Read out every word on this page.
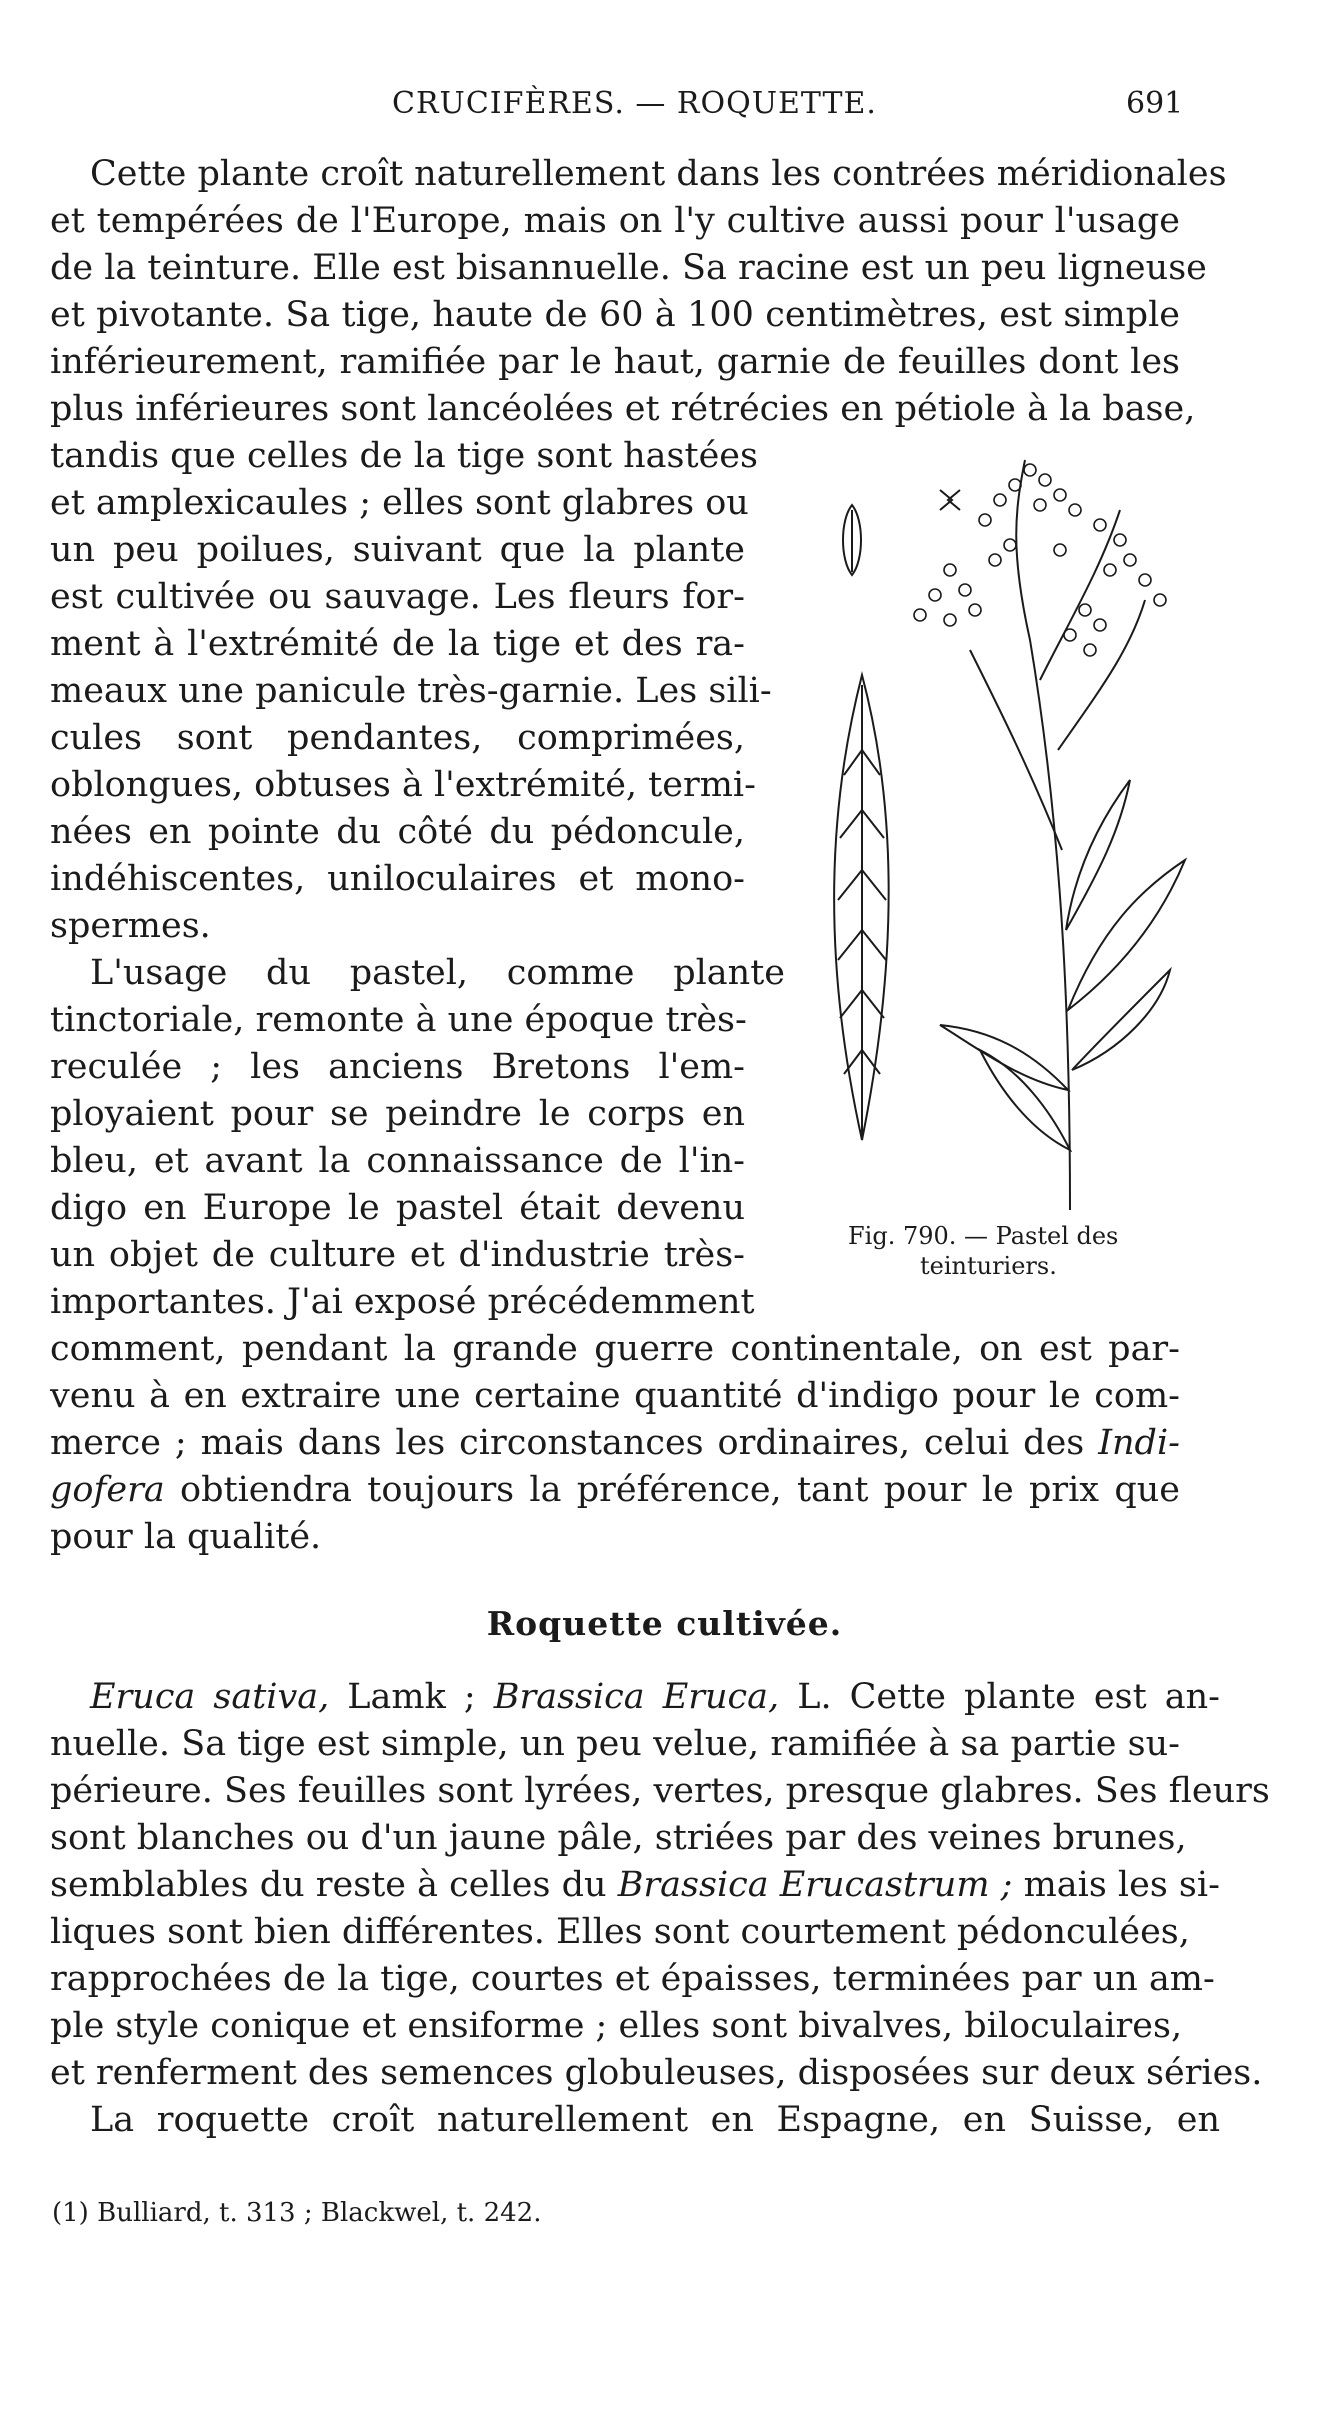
CRUCIFÈRES. — ROQUETTE.	691
Cette plante croît naturellement dans les contrées méridionales
et tempérées de l'Europe, mais on l'y cultive aussi pour l'usage
de la teinture. Elle est bisannuelle. Sa racine est un peu ligneuse
et pivotante. Sa tige, haute de 60 à 100 centimètres, est simple
inférieurement, ramifiée par le haut, garnie de feuilles dont les
plus inférieures sont lancéolées et rétrécies en pétiole à la base,
tandis que celles de la tige sont hastées
et amplexicaules ; elles sont glabres ou
un peu poilues, suivant que la plante
est cultivée ou sauvage. Les fleurs for-
ment à l'extrémité de la tige et des ra-
meaux une panicule très-garnie. Les sili-
cules sont pendantes, comprimées,
oblongues, obtuses à l'extrémité, termi-
nées en pointe du côté du pédoncule,
indéhiscentes, uniloculaires et mono-
spermes.
L'usage du pastel, comme plante
tinctoriale, remonte à une époque très-
reculée ; les anciens Bretons l'em-
ployaient pour se peindre le corps en
bleu, et avant la connaissance de l'in-
digo en Europe le pastel était devenu
un objet de culture et d'industrie très-
importantes. J'ai exposé précédemment
comment, pendant la grande guerre continentale, on est par-
venu à en extraire une certaine quantité d'indigo pour le com-
merce ; mais dans les circonstances ordinaires, celui des Indi-
gofera obtiendra toujours la préférence, tant pour le prix que
pour la qualité.
Fig. 790. — Pastel des
teinturiers.
Roquette cultivée.
Eruca sativa, Lamk ; Brassica Eruca, L. Cette plante est an-
nuelle. Sa tige est simple, un peu velue, ramifiée à sa partie su-
périeure. Ses feuilles sont lyrées, vertes, presque glabres. Ses fleurs
sont blanches ou d'un jaune pâle, striées par des veines brunes,
semblables du reste à celles du Brassica Erucastrum ; mais les si-
liques sont bien différentes. Elles sont courtement pédonculées,
rapprochées de la tige, courtes et épaisses, terminées par un am-
ple style conique et ensiforme ; elles sont bivalves, biloculaires,
et renferment des semences globuleuses, disposées sur deux séries.
La roquette croît naturellement en Espagne, en Suisse, en
(1) Bulliard, t. 313 ; Blackwel, t. 242.
